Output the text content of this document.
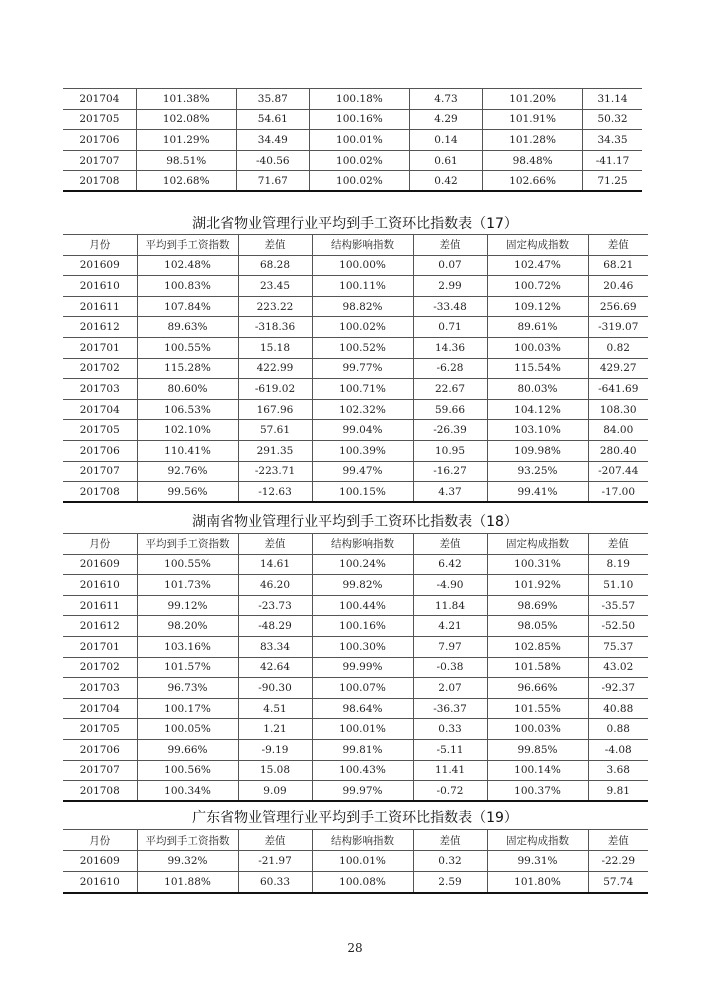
201704	101.38%	35.87	100.18%	4.73	101.20%	31.14
201705	102.08%	54.61	100.16%	4.29	101.91%	50.32
201706	101.29%	34.49	100.01%	0.14	101.28%	34.35
201707	98.51%	-40.56	100.02%	0.61	98.48%	-41.17
201708	102.68%	71.67	100.02%	0.42	102.66%	71.25
湖北省物业管理行业平均到手工资环比指数表（17）
月份	平均到手工资指数	差值	结构影响指数	差值	固定构成指数	差值
201609	102.48%	68.28	100.00%	0.07	102.47%	68.21
201610	100.83%	23.45	100.11%	2.99	100.72%	20.46
201611	107.84%	223.22	98.82%	-33.48	109.12%	256.69
201612	89.63%	-318.36	100.02%	0.71	89.61%	-319.07
201701	100.55%	15.18	100.52%	14.36	100.03%	0.82
201702	115.28%	422.99	99.77%	-6.28	115.54%	429.27
201703	80.60%	-619.02	100.71%	22.67	80.03%	-641.69
201704	106.53%	167.96	102.32%	59.66	104.12%	108.30
201705	102.10%	57.61	99.04%	-26.39	103.10%	84.00
201706	110.41%	291.35	100.39%	10.95	109.98%	280.40
201707	92.76%	-223.71	99.47%	-16.27	93.25%	-207.44
201708	99.56%	-12.63	100.15%	4.37	99.41%	-17.00
湖南省物业管理行业平均到手工资环比指数表（18）
月份	平均到手工资指数	差值	结构影响指数	差值	固定构成指数	差值
201609	100.55%	14.61	100.24%	6.42	100.31%	8.19
201610	101.73%	46.20	99.82%	-4.90	101.92%	51.10
201611	99.12%	-23.73	100.44%	11.84	98.69%	-35.57
201612	98.20%	-48.29	100.16%	4.21	98.05%	-52.50
201701	103.16%	83.34	100.30%	7.97	102.85%	75.37
201702	101.57%	42.64	99.99%	-0.38	101.58%	43.02
201703	96.73%	-90.30	100.07%	2.07	96.66%	-92.37
201704	100.17%	4.51	98.64%	-36.37	101.55%	40.88
201705	100.05%	1.21	100.01%	0.33	100.03%	0.88
201706	99.66%	-9.19	99.81%	-5.11	99.85%	-4.08
201707	100.56%	15.08	100.43%	11.41	100.14%	3.68
201708	100.34%	9.09	99.97%	-0.72	100.37%	9.81
广东省物业管理行业平均到手工资环比指数表（19）
月份	平均到手工资指数	差值	结构影响指数	差值	固定构成指数	差值
201609	99.32%	-21.97	100.01%	0.32	99.31%	-22.29
201610	101.88%	60.33	100.08%	2.59	101.80%	57.74
28
